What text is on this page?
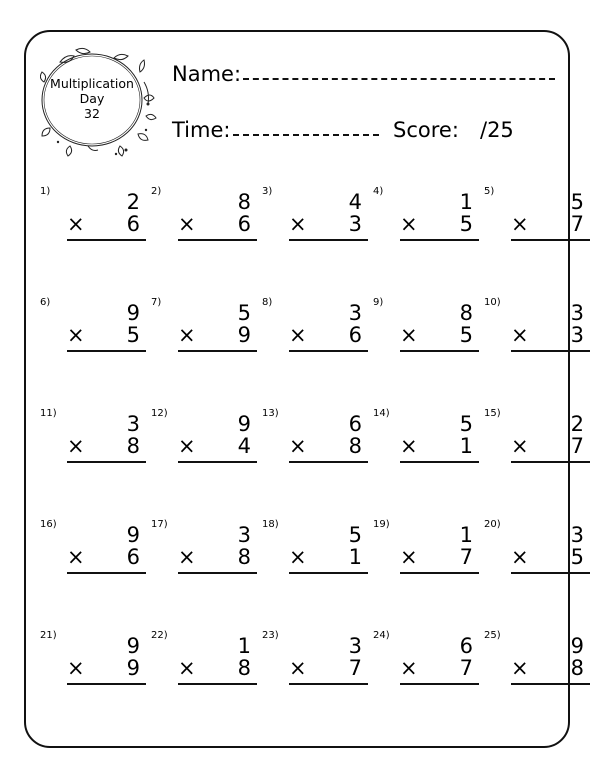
Multiplication
Day
32
Name:
Time:	Score: /25
1)	2
× 6
2)	8
× 6
3)	4
× 3
4)	1
× 5
5)	5
× 7
6)	9
× 5
7)	5
× 9
8)	3
× 6
9)	8
× 5
10)	3
× 3
11)	3
× 8
12)	9
× 4
13)	6
× 8
14)	5
× 1
15)	2
× 7
16)	9
× 6
17)	3
× 8
18)	5
× 1
19)	1
× 7
20)	3
× 5
21)	9
× 9
22)	1
× 8
23)	3
× 7
24)	6
× 7
25)	9
× 8
